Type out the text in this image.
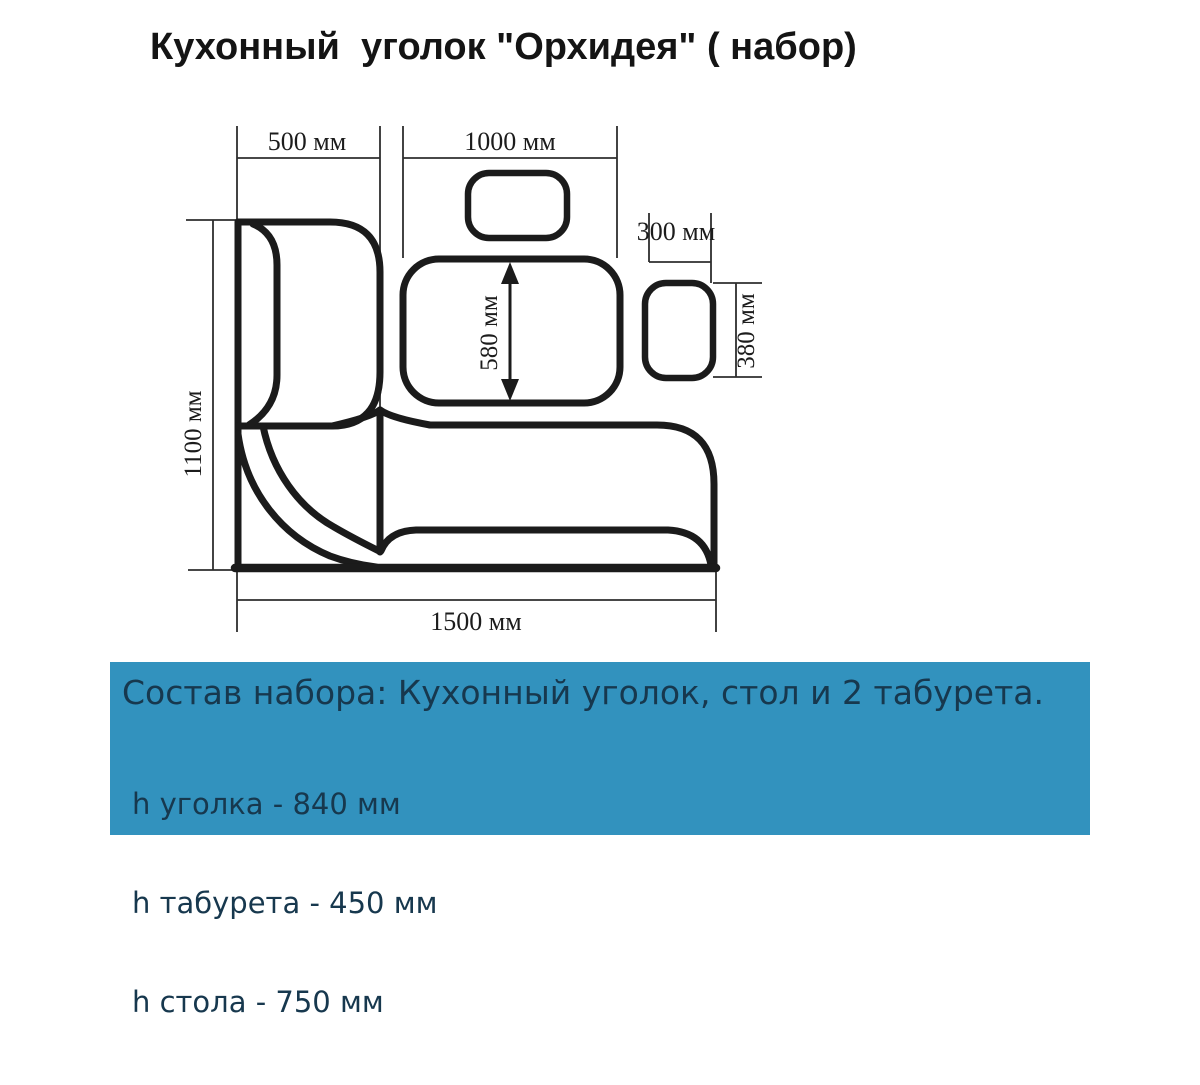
Кухонный  уголок "Орхидея" ( набор)
500 мм	1000 мм
300 мм
1500 мм
580 мм
1100 мм
380 мм
Состав набора: Кухонный уголок, стол и 2 табурета.

h уголка - 840 мм

h табурета - 450 мм

h стола - 750 мм
